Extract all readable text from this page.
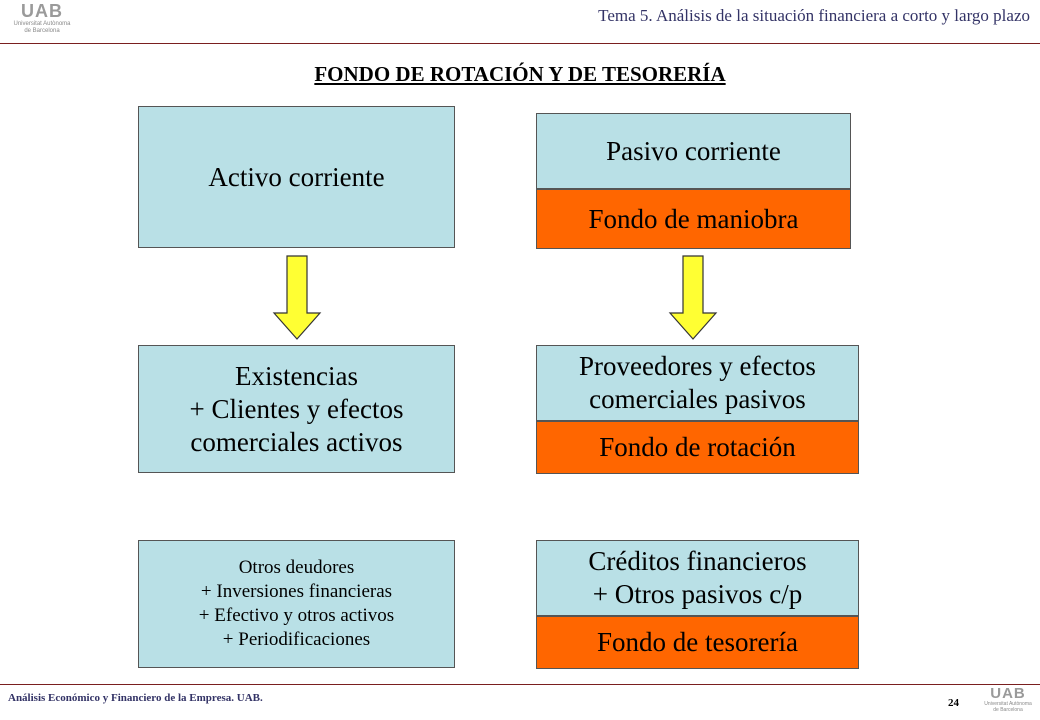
UAB
Universitat Autònoma
de Barcelona
Tema 5. Análisis de la situación financiera a corto y largo plazo
FONDO DE ROTACIÓN Y DE TESORERÍA
Activo corriente
Existencias
+ Clientes y efectos
comerciales activos
Otros deudores
+ Inversiones financieras
+ Efectivo y otros activos
+ Periodificaciones
Pasivo corriente
Fondo de maniobra
Proveedores y efectos
comerciales pasivos
Fondo de rotación
Créditos financieros
+ Otros pasivos c/p
Fondo de tesorería
Análisis Económico y Financiero de la Empresa. UAB.	24
UAB
Universitat Autònoma
de Barcelona
